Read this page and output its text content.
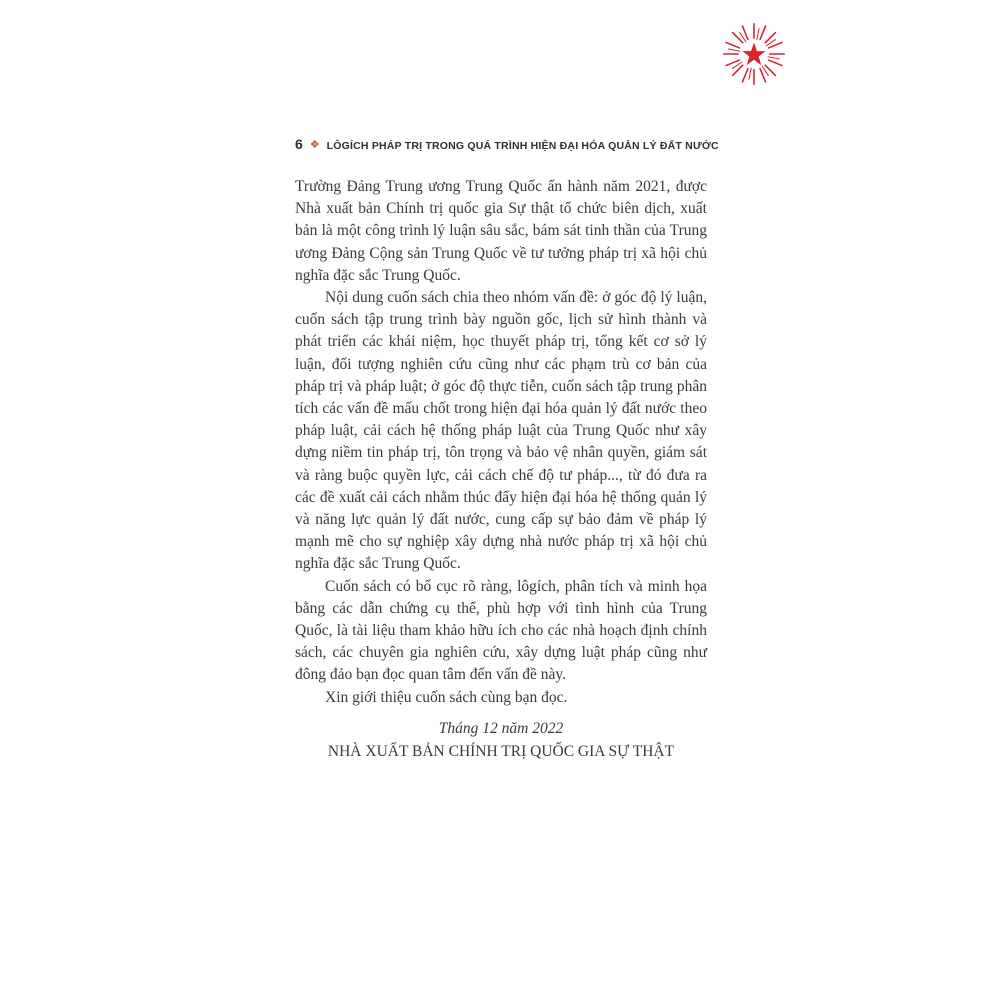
6 ❖ LÔGÍCH PHÁP TRỊ TRONG QUÁ TRÌNH HIỆN ĐẠI HÓA QUẢN LÝ ĐẤT NƯỚC

Trường Đảng Trung ương Trung Quốc ấn hành năm 2021, được Nhà xuất bản Chính trị quốc gia Sự thật tổ chức biên dịch, xuất bản là một công trình lý luận sâu sắc, bám sát tinh thần của Trung ương Đảng Cộng sản Trung Quốc về tư tưởng pháp trị xã hội chủ nghĩa đặc sắc Trung Quốc.

Nội dung cuốn sách chia theo nhóm vấn đề: ở góc độ lý luận, cuốn sách tập trung trình bày nguồn gốc, lịch sử hình thành và phát triển các khái niệm, học thuyết pháp trị, tổng kết cơ sở lý luận, đối tượng nghiên cứu cũng như các phạm trù cơ bản của pháp trị và pháp luật; ở góc độ thực tiễn, cuốn sách tập trung phân tích các vấn đề mấu chốt trong hiện đại hóa quản lý đất nước theo pháp luật, cải cách hệ thống pháp luật của Trung Quốc như xây dựng niềm tin pháp trị, tôn trọng và bảo vệ nhân quyền, giám sát và ràng buộc quyền lực, cải cách chế độ tư pháp..., từ đó đưa ra các đề xuất cải cách nhằm thúc đẩy hiện đại hóa hệ thống quản lý và năng lực quản lý đất nước, cung cấp sự bảo đảm về pháp lý mạnh mẽ cho sự nghiệp xây dựng nhà nước pháp trị xã hội chủ nghĩa đặc sắc Trung Quốc.

Cuốn sách có bố cục rõ ràng, lôgích, phân tích và minh họa bằng các dẫn chứng cụ thể, phù hợp với tình hình của Trung Quốc, là tài liệu tham khảo hữu ích cho các nhà hoạch định chính sách, các chuyên gia nghiên cứu, xây dựng luật pháp cũng như đông đảo bạn đọc quan tâm đến vấn đề này.

Xin giới thiệu cuốn sách cùng bạn đọc.

Tháng 12 năm 2022
NHÀ XUẤT BẢN CHÍNH TRỊ QUỐC GIA SỰ THẬT
